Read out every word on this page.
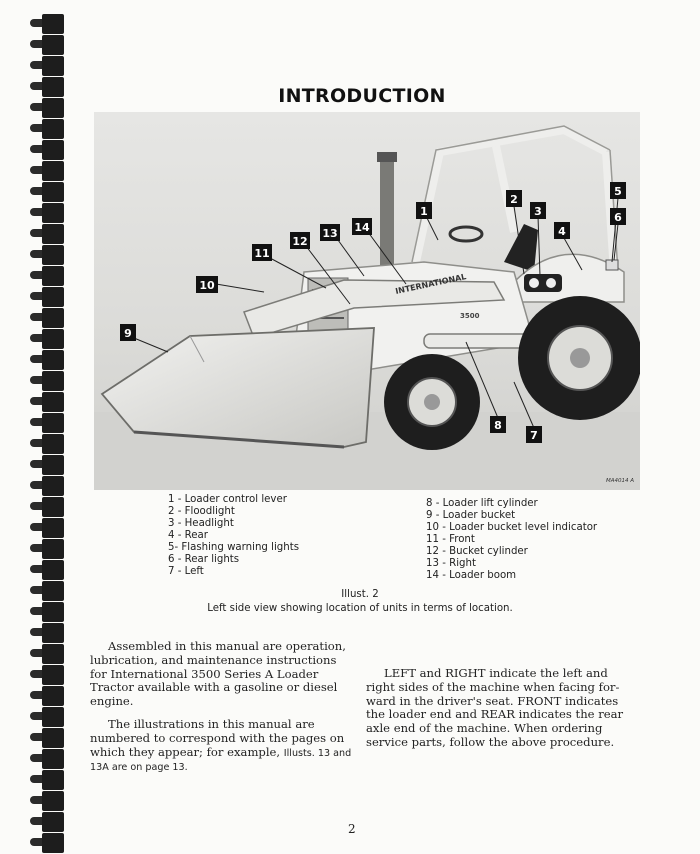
INTRODUCTION
INTERNATIONAL
3500
1
2
3
4
5
6
7
8
9
10
11
12
13 14
MA4014 A
1 - Loader control lever
2 - Floodlight
3 - Headlight
4 - Rear
5- Flashing warning lights
6 - Rear lights
7 - Left
8 - Loader lift cylinder
9 - Loader bucket
10 - Loader bucket level indicator
11 - Front
12 - Bucket cylinder
13 - Right
14 - Loader boom
Illust. 2
Left side view showing location of units in terms of location.

Assembled in this manual are operation, lubrication, and maintenance instructions for International 3500 Series A Loader Tractor available with a gasoline or diesel engine.

The illustrations in this manual are numbered to correspond with the pages on which they appear; for example, Illusts. 13 and 13A are on page 13.

LEFT and RIGHT indicate the left and right sides of the machine when facing for-ward in the driver's seat. FRONT indicates the loader end and REAR indicates the rear axle end of the machine. When ordering service parts, follow the above procedure.

2
